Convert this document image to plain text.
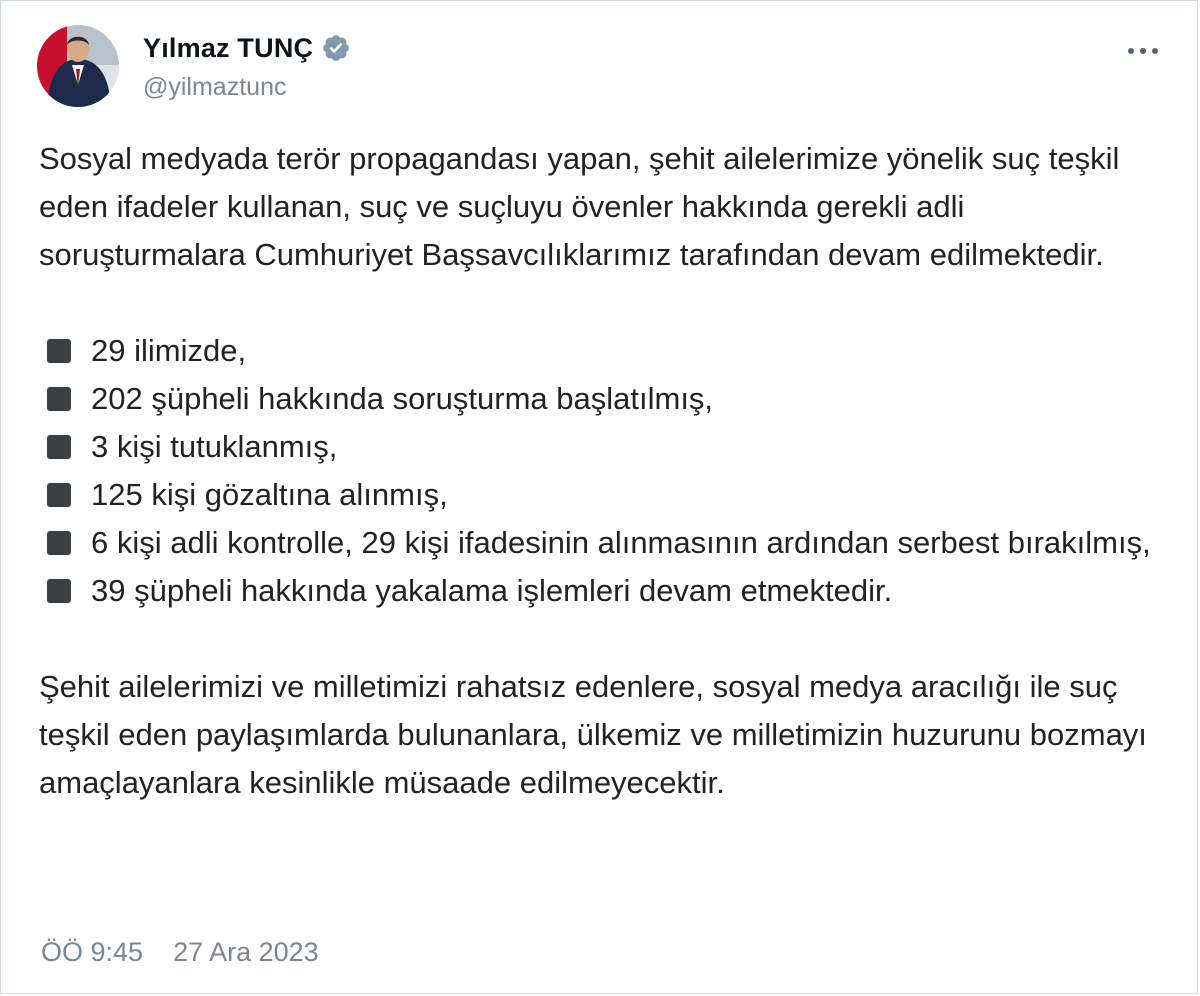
Yılmaz TUNÇ
@yilmaztunc

Sosyal medyada terör propagandası yapan, şehit ailelerimize yönelik suç teşkil eden ifadeler kullanan, suç ve suçluyu övenler hakkında gerekli adli soruşturmalara Cumhuriyet Başsavcılıklarımız tarafından devam edilmektedir.

29 ilimizde,
202 şüpheli hakkında soruşturma başlatılmış,
3 kişi tutuklanmış,
125 kişi gözaltına alınmış,
6 kişi adli kontrolle, 29 kişi ifadesinin alınmasının ardından serbest bırakılmış,
39 şüpheli hakkında yakalama işlemleri devam etmektedir.

Şehit ailelerimizi ve milletimizi rahatsız edenlere, sosyal medya aracılığı ile suç teşkil eden paylaşımlarda bulunanlara, ülkemiz ve milletimizin huzurunu bozmayı amaçlayanlara kesinlikle müsaade edilmeyecektir.

ÖÖ 9:45 27 Ara 2023
